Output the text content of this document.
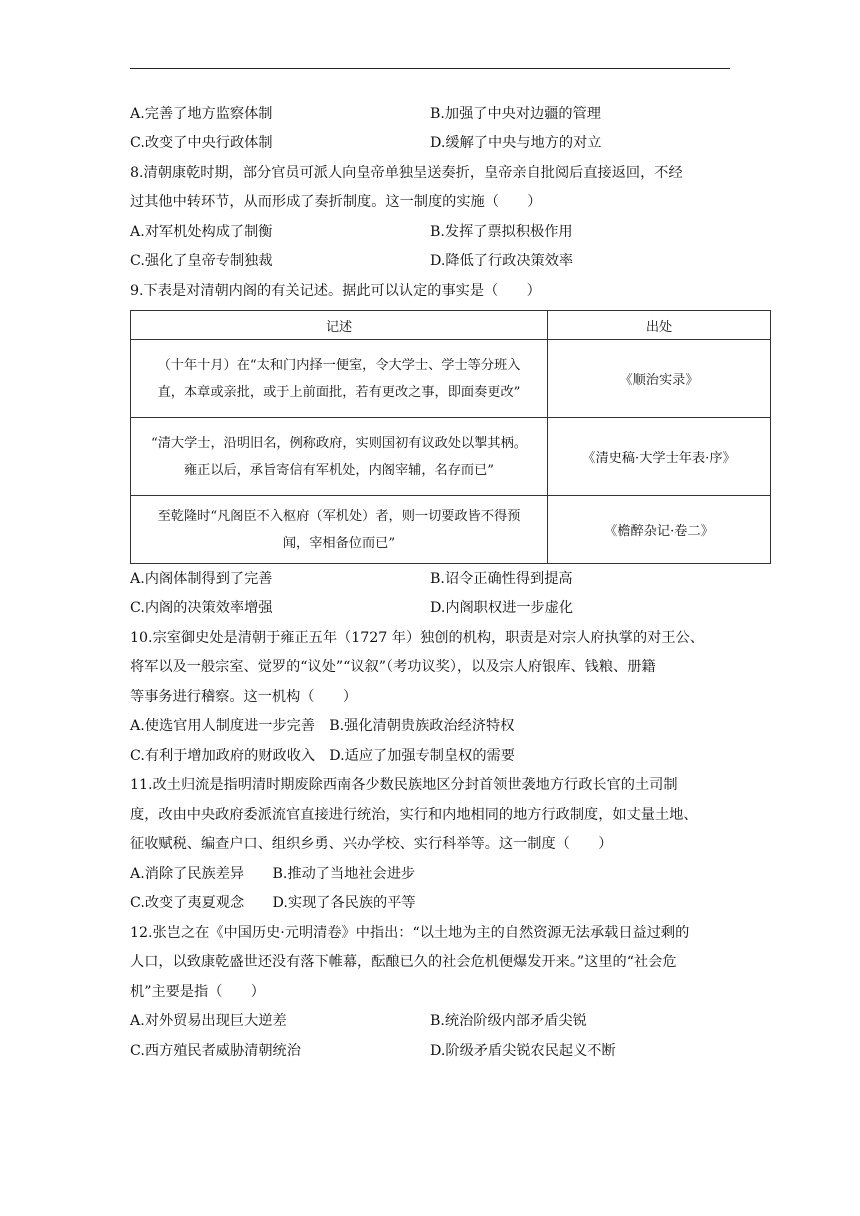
A.完善了地方监察体制	B.加强了中央对边疆的管理
C.改变了中央行政体制	D.缓解了中央与地方的对立
8.清朝康乾时期，部分官员可派人向皇帝单独呈送奏折，皇帝亲自批阅后直接返回，不经
过其他中转环节，从而形成了奏折制度。这一制度的实施（　　）
A.对军机处构成了制衡	B.发挥了票拟积极作用
C.强化了皇帝专制独裁	D.降低了行政决策效率
9.下表是对清朝内阁的有关记述。据此可以认定的事实是（　　）
记述	出处

（十年十月）在“太和门内择一便室，令大学士、学士等分班入
直，本章或亲批，或于上前面批，若有更改之事，即面奏更改”	《顺治实录》

“清大学士，沿明旧名，例称政府，实则国初有议政处以掣其柄。
雍正以后，承旨寄信有军机处，内阁宰辅，名存而已”	《清史稿·大学士年表·序》

至乾隆时“凡阁臣不入枢府（军机处）者，则一切要政皆不得预
闻，宰相备位而已”	《檐醉杂记·卷二》
A.内阁体制得到了完善	B.诏令正确性得到提高
C.内阁的决策效率增强	D.内阁职权进一步虚化
10.宗室御史处是清朝于雍正五年（1727 年）独创的机构，职责是对宗人府执掌的对王公、
将军以及一般宗室、觉罗的“议处”“议叙”（考功议奖），以及宗人府银库、钱粮、册籍
等事务进行稽察。这一机构（　　）
A.使选官用人制度进一步完善　B.强化清朝贵族政治经济特权
C.有利于增加政府的财政收入　D.适应了加强专制皇权的需要
11.改土归流是指明清时期废除西南各少数民族地区分封首领世袭地方行政长官的土司制
度，改由中央政府委派流官直接进行统治，实行和内地相同的地方行政制度，如丈量土地、
征收赋税、编查户口、组织乡勇、兴办学校、实行科举等。这一制度（　　）
A.消除了民族差异　　B.推动了当地社会进步
C.改变了夷夏观念　　D.实现了各民族的平等
12.张岂之在《中国历史·元明清卷》中指出：“以土地为主的自然资源无法承载日益过剩的
人口，以致康乾盛世还没有落下帷幕，酝酿已久的社会危机便爆发开来。”这里的“社会危
机”主要是指（　　）
A.对外贸易出现巨大逆差	B.统治阶级内部矛盾尖锐
C.西方殖民者威胁清朝统治	D.阶级矛盾尖锐农民起义不断
